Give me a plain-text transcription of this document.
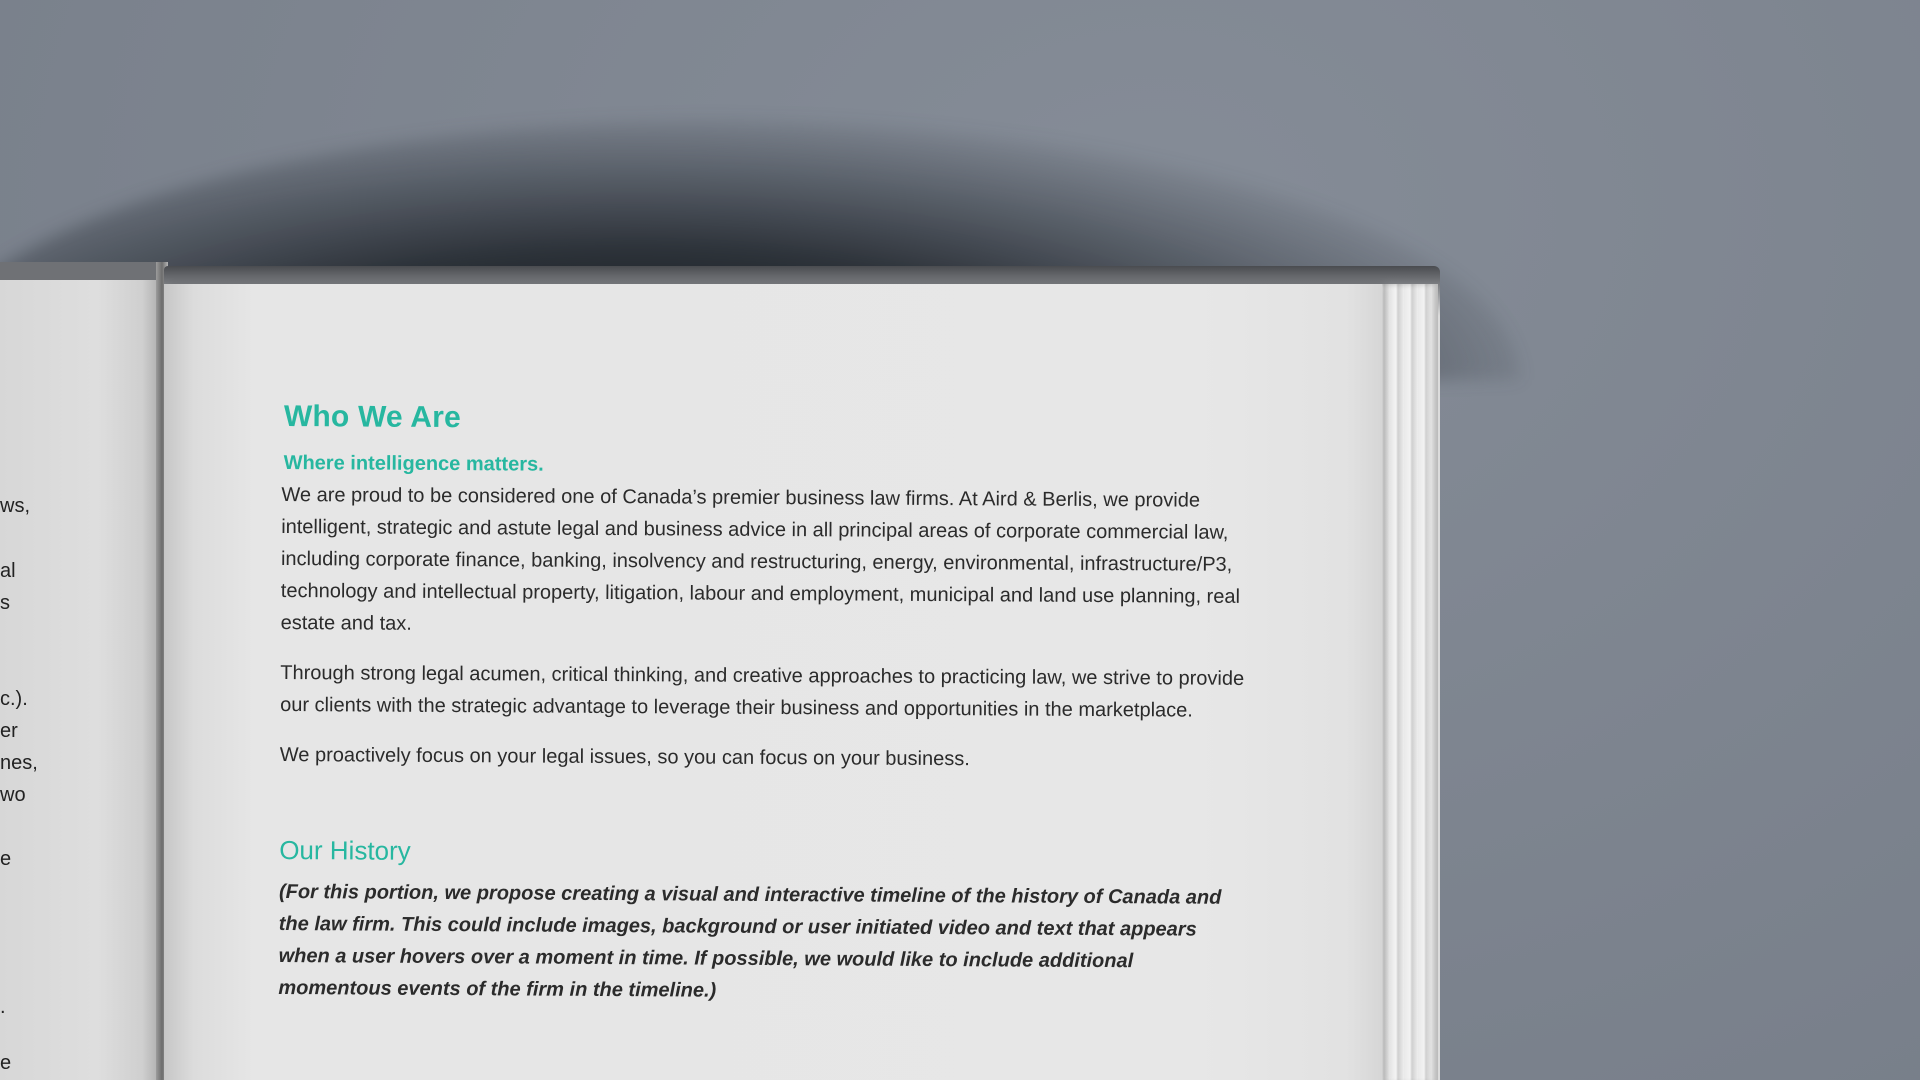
ws,
al
s
c.).
er
nes,
wo
e
.
e
Who We Are
Where intelligence matters.

We are proud to be considered one of Canada’s premier business law firms. At Aird & Berlis, we provide intelligent, strategic and astute legal and business advice in all principal areas of corporate commercial law, including corporate finance, banking, insolvency and restructuring, energy, environmental, infrastructure/P3, technology and intellectual property, litigation, labour and employment, municipal and land use planning, real estate and tax.

Through strong legal acumen, critical thinking, and creative approaches to practicing law, we strive to provide our clients with the strategic advantage to leverage their business and opportunities in the marketplace.

We proactively focus on your legal issues, so you can focus on your business.

Our History

(For this portion, we propose creating a visual and interactive timeline of the history of Canada and the law firm. This could include images, background or user initiated video and text that appears when a user hovers over a moment in time. If possible, we would like to include additional momentous events of the firm in the timeline.)
